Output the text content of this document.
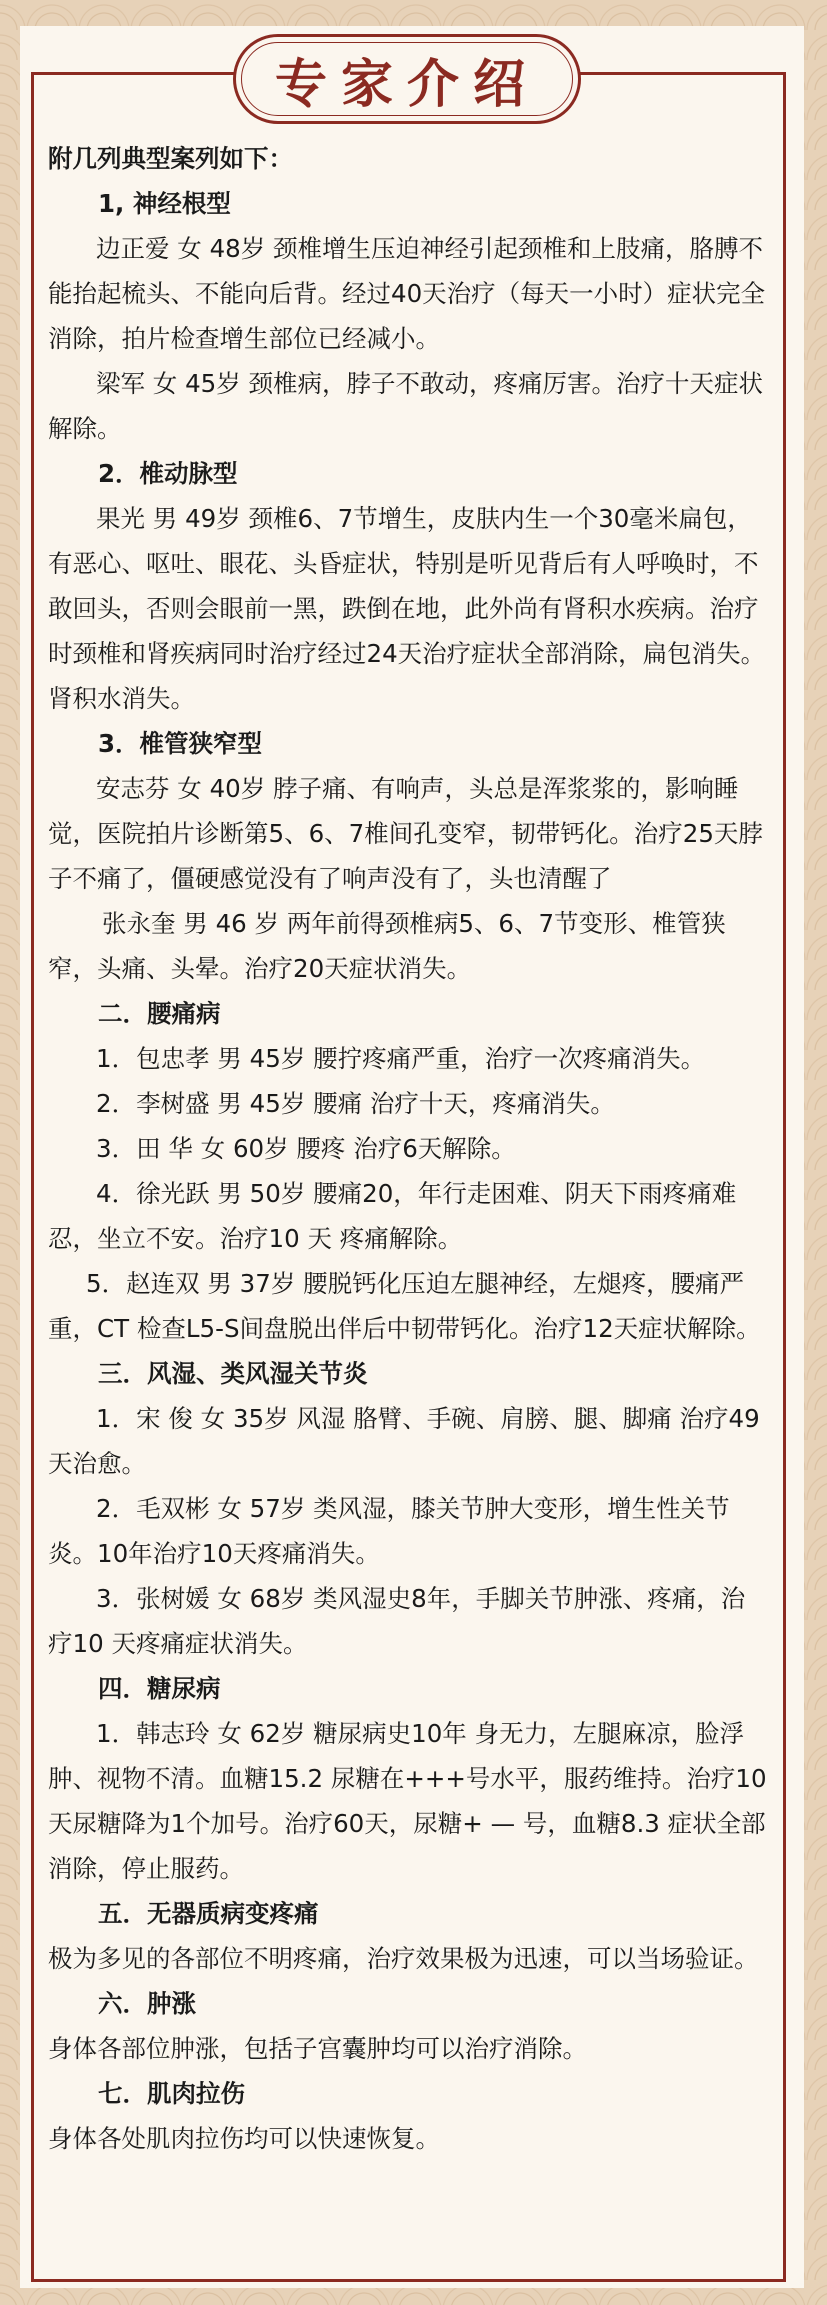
专家介绍

附几列典型案列如下：

1, 神经根型

边正爱 女 48岁 颈椎增生压迫神经引起颈椎和上肢痛，胳膊不能抬起梳头、不能向后背。经过40天治疗（每天一小时）症状完全消除，拍片检查增生部位已经减小。

梁军 女 45岁 颈椎病，脖子不敢动，疼痛厉害。治疗十天症状解除。

2．椎动脉型

果光 男 49岁 颈椎6、7节增生，皮肤内生一个30毫米扁包，有恶心、呕吐、眼花、头昏症状，特别是听见背后有人呼唤时，不敢回头，否则会眼前一黑，跌倒在地，此外尚有肾积水疾病。治疗时颈椎和肾疾病同时治疗经过24天治疗症状全部消除，扁包消失。肾积水消失。

3．椎管狭窄型

安志芬 女 40岁 脖子痛、有响声，头总是浑浆浆的，影响睡觉，医院拍片诊断第5、6、7椎间孔变窄，韧带钙化。治疗25天脖子不痛了，僵硬感觉没有了响声没有了，头也清醒了

张永奎 男 46 岁 两年前得颈椎病5、6、7节变形、椎管狭窄，头痛、头晕。治疗20天症状消失。

二．腰痛病

1．包忠孝 男 45岁 腰拧疼痛严重，治疗一次疼痛消失。

2．李树盛 男 45岁 腰痛 治疗十天，疼痛消失。

3．田 华 女 60岁 腰疼 治疗6天解除。

4．徐光跃 男 50岁 腰痛20，年行走困难、阴天下雨疼痛难忍，坐立不安。治疗10 天 疼痛解除。

5．赵连双 男 37岁 腰脱钙化压迫左腿神经，左煺疼，腰痛严重，CT 检查L5-S间盘脱出伴后中韧带钙化。治疗12天症状解除。

三．风湿、类风湿关节炎

1．宋 俊 女 35岁 风湿 胳臂、手碗、肩膀、腿、脚痛 治疗49天治愈。

2．毛双彬 女 57岁 类风湿，膝关节肿大变形，增生性关节炎。10年治疗10天疼痛消失。

3．张树媛 女 68岁 类风湿史8年，手脚关节肿涨、疼痛，治疗10 天疼痛症状消失。

四．糖尿病

1．韩志玲 女 62岁 糖尿病史10年 身无力，左腿麻凉，脸浮肿、视物不清。血糖15.2 尿糖在+++号水平，服药维持。治疗10天尿糖降为1个加号。治疗60天，尿糖+ — 号，血糖8.3 症状全部消除，停止服药。

五．无器质病变疼痛

极为多见的各部位不明疼痛，治疗效果极为迅速，可以当场验证。

六．肿涨

身体各部位肿涨，包括子宫囊肿均可以治疗消除。

七．肌肉拉伤

身体各处肌肉拉伤均可以快速恢复。
